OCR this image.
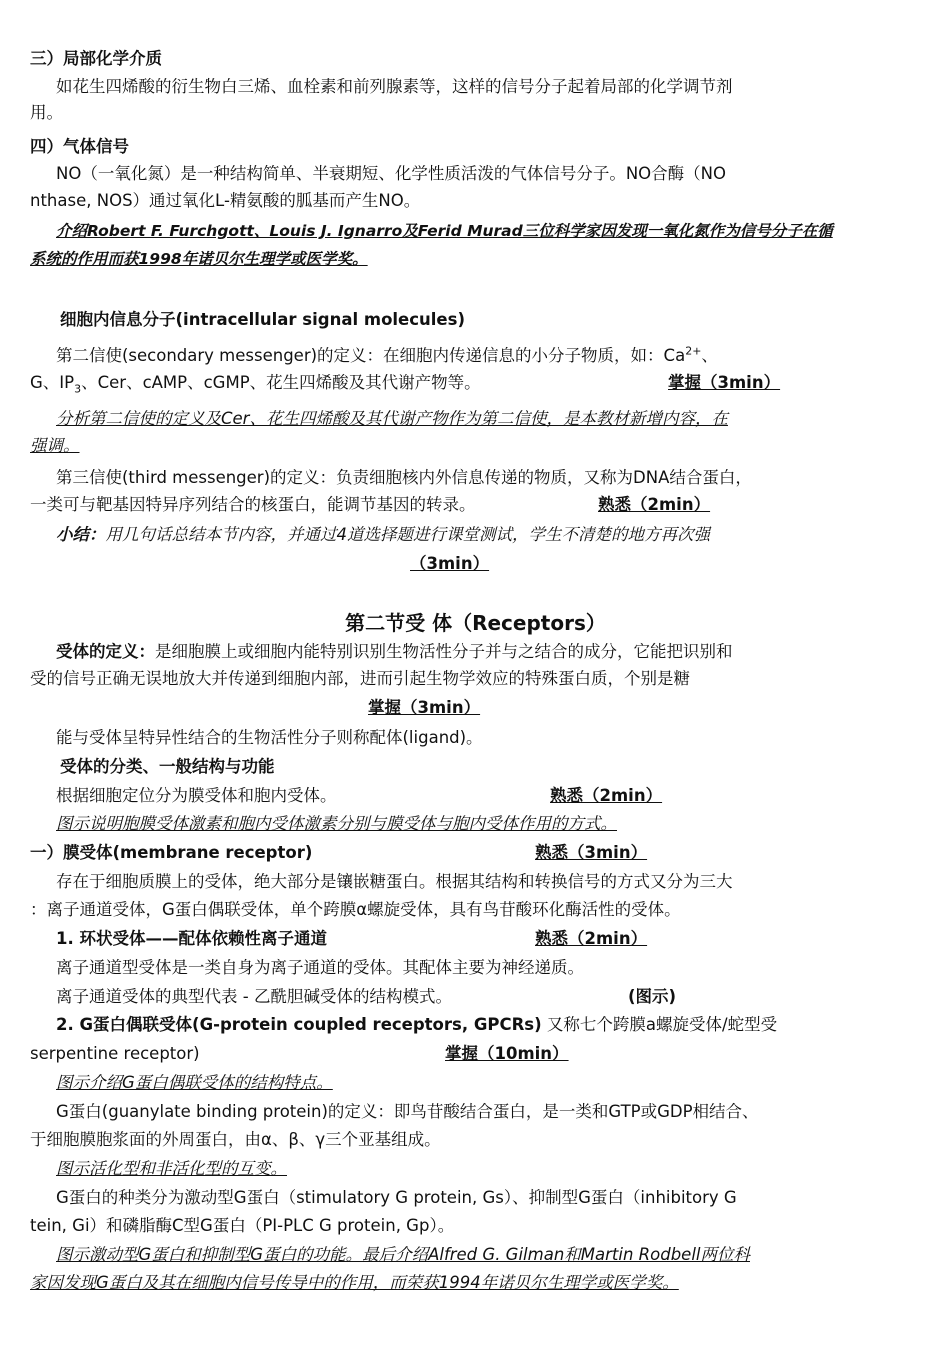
三）局部化学介质
如花生四烯酸的衍生物白三烯、血栓素和前列腺素等，这样的信号分子起着局部的化学调节剂
用。
四）气体信号
NO（一氧化氮）是一种结构简单、半衰期短、化学性质活泼的气体信号分子。NO合酶（NO
nthase, NOS）通过氧化L-精氨酸的胍基而产生NO。
介绍Robert F. Furchgott、Louis J. Ignarro及Ferid Murad三位科学家因发现一氧化氮作为信号分子在循
系统的作用而获1998年诺贝尔生理学或医学奖。
细胞内信息分子(intracellular signal molecules)
第二信使(secondary messenger)的定义：在细胞内传递信息的小分子物质，如：$Ca^{2+}$、
G、$IP_3$、Cer、cAMP、cGMP、花生四烯酸及其代谢产物等。	掌握（3min）
分析第二信使的定义及Cer、花生四烯酸及其代谢产物作为第二信使，是本教材新增内容，在
强调。
第三信使(third messenger)的定义：负责细胞核内外信息传递的物质，又称为DNA结合蛋白，
一类可与靶基因特异序列结合的核蛋白，能调节基因的转录。	熟悉（2min）
小结：用几句话总结本节内容，并通过4道选择题进行课堂测试，学生不清楚的地方再次强
（3min）
第二节受 体（Receptors）
受体的定义：是细胞膜上或细胞内能特别识别生物活性分子并与之结合的成分，它能把识别和
受的信号正确无误地放大并传递到细胞内部，进而引起生物学效应的特殊蛋白质，个别是糖
掌握（3min）
能与受体呈特异性结合的生物活性分子则称配体(ligand)。
受体的分类、一般结构与功能
根据细胞定位分为膜受体和胞内受体。	熟悉（2min）
图示说明胞膜受体激素和胞内受体激素分别与膜受体与胞内受体作用的方式。
一）膜受体(membrane receptor)	熟悉（3min）
存在于细胞质膜上的受体，绝大部分是镶嵌糖蛋白。根据其结构和转换信号的方式又分为三大
：离子通道受体，G蛋白偶联受体，单个跨膜α螺旋受体，具有鸟苷酸环化酶活性的受体。
1. 环状受体——配体依赖性离子通道	熟悉（2min）
离子通道型受体是一类自身为离子通道的受体。其配体主要为神经递质。
离子通道受体的典型代表 - 乙酰胆碱受体的结构模式。	(图示)
2. G蛋白偶联受体(G-protein coupled receptors, GPCRs) 又称七个跨膜a螺旋受体/蛇型受
serpentine receptor)	掌握（10min）
图示介绍G蛋白偶联受体的结构特点。
G蛋白(guanylate binding protein)的定义：即鸟苷酸结合蛋白，是一类和GTP或GDP相结合、
于细胞膜胞浆面的外周蛋白，由α、β、γ三个亚基组成。
图示活化型和非活化型的互变。
G蛋白的种类分为激动型G蛋白（stimulatory G protein, Gs）、抑制型G蛋白（inhibitory G
tein, Gi）和磷脂酶C型G蛋白（PI-PLC G protein, Gp）。
图示激动型G蛋白和抑制型G蛋白的功能。最后介绍Alfred G. Gilman和Martin Rodbell两位科
家因发现G蛋白及其在细胞内信号传导中的作用，而荣获1994年诺贝尔生理学或医学奖。
